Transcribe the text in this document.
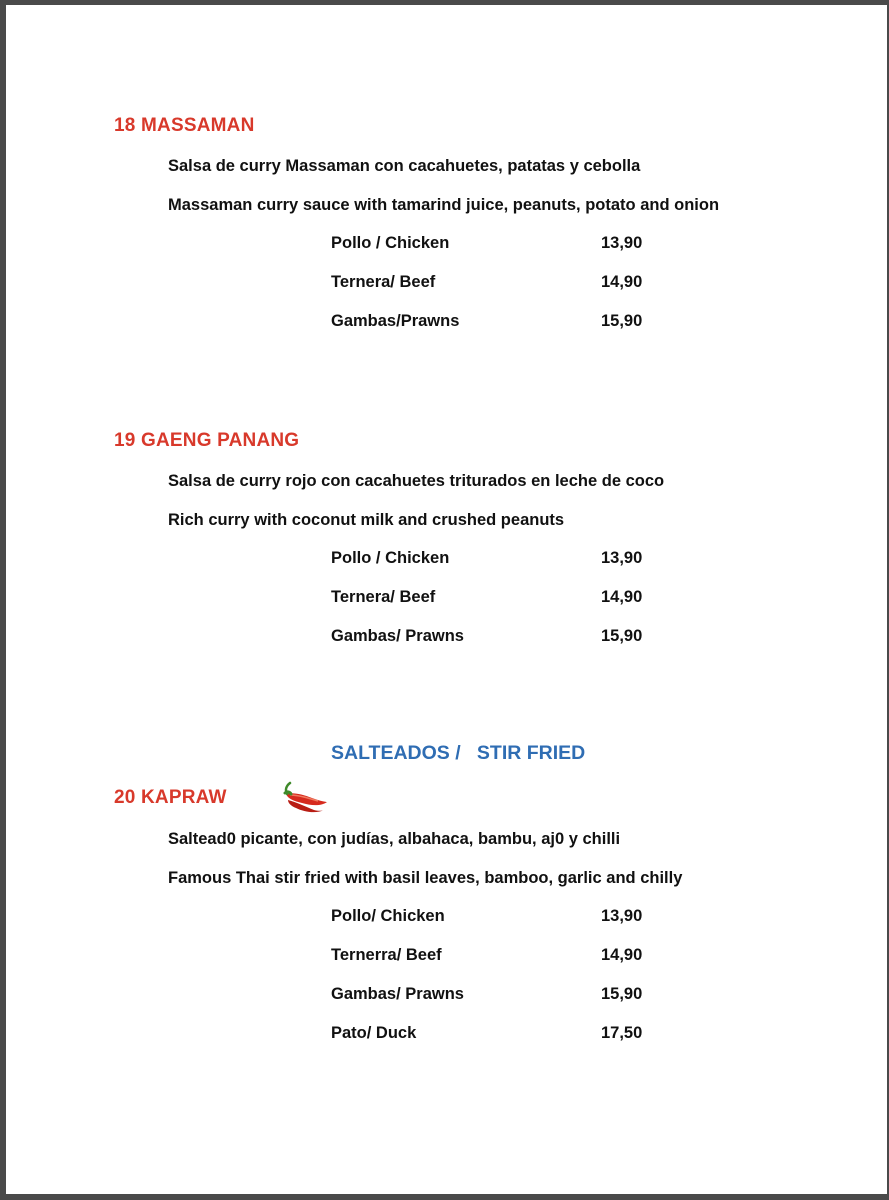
18 MASSAMAN

Salsa de curry Massaman con cacahuetes, patatas y cebolla

Massaman curry sauce with tamarind juice, peanuts, potato and onion

Pollo / Chicken	13,90
Ternera/ Beef	14,90
Gambas/Prawns	15,90
19 GAENG PANANG

Salsa de curry rojo con cacahuetes triturados en leche de coco

Rich curry with coconut milk and crushed peanuts

Pollo / Chicken	13,90
Ternera/ Beef	14,90
Gambas/ Prawns	15,90
SALTEADOS /   STIR FRIED
20 KAPRAW

Saltead0 picante, con judías, albahaca, bambu, aj0 y chilli

Famous Thai stir fried with basil leaves, bamboo, garlic and chilly

Pollo/ Chicken	13,90
Ternerra/ Beef	14,90
Gambas/ Prawns	15,90
Pato/ Duck	17,50
